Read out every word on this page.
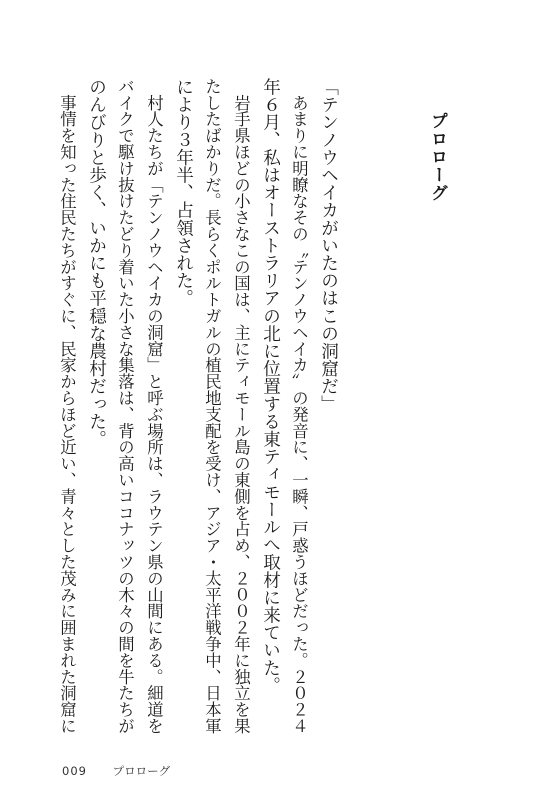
プロローグ
「テンノウヘイカがいたのはこの洞窟だ」
　あまりに明瞭なその〝テンノウヘイカ〟の発音に、一瞬、戸惑うほどだった。２０２４
年６月、私はオーストラリアの北に位置する東ティモールへ取材に来ていた。
　岩手県ほどの小さなこの国は、主にティモール島の東側を占め、２００２年に独立を果
たしたばかりだ。長らくポルトガルの植民地支配を受け、アジア・太平洋戦争中、日本軍
により３年半、占領された。
　村人たちが「テンノウヘイカの洞窟」と呼ぶ場所は、ラウテン県の山間にある。細道を
バイクで駆け抜けたどり着いた小さな集落は、背の高いココナッツの木々の間を牛たちが
のんびりと歩く、いかにも平穏な農村だった。
　事情を知った住民たちがすぐに、民家からほど近い、青々とした茂みに囲まれた洞窟に
009 プロローグ
